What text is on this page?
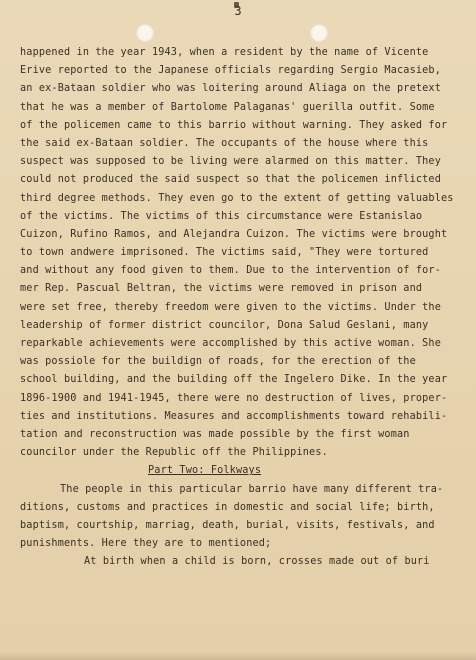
3
happened in the year 1943, when a resident by the name of Vicente
Erive reported to the Japanese officials regarding Sergio Macasieb,
an ex-Bataan soldier who was loitering around Aliaga on the pretext
that he was a member of Bartolome Palaganas' guerilla outfit. Some
of the policemen came to this barrio without warning. They asked for
the said ex-Bataan soldier. The occupants of the house where this
suspect was supposed to be living were alarmed on this matter. They
could not produced the said suspect so that the policemen inflicted
third degree methods. They even go to the extent of getting valuables
of the victims. The victims of this circumstance were Estanislao
Cuizon, Rufino Ramos, and Alejandra Cuizon. The victims were brought
to town andwere imprisoned. The victims said, "They were tortured
and without any food given to them. Due to the intervention of for-
mer Rep. Pascual Beltran, the victims were removed in prison and
were set free, thereby freedom were given to the victims. Under the
leadership of former district councilor, Dona Salud Geslani, many
reparkable achievements were accomplished by this active woman. She
was possiole for the buildign of roads, for the erection of the
school building, and the building off the Ingelero Dike. In the year
1896-1900 and 1941-1945, there were no destruction of lives, proper-
ties and institutions. Measures and accomplishments toward rehabili-
tation and reconstruction was made possible by the first woman
councilor under the Republic off the Philippines.
Part Two: Folkways
The people in this particular barrio have many different tra-
ditions, customs and practices in domestic and social life; birth,
baptism, courtship, marriag, death, burial, visits, festivals, and
punishments. Here they are to mentioned;
At birth when a child is born, crosses made out of buri
